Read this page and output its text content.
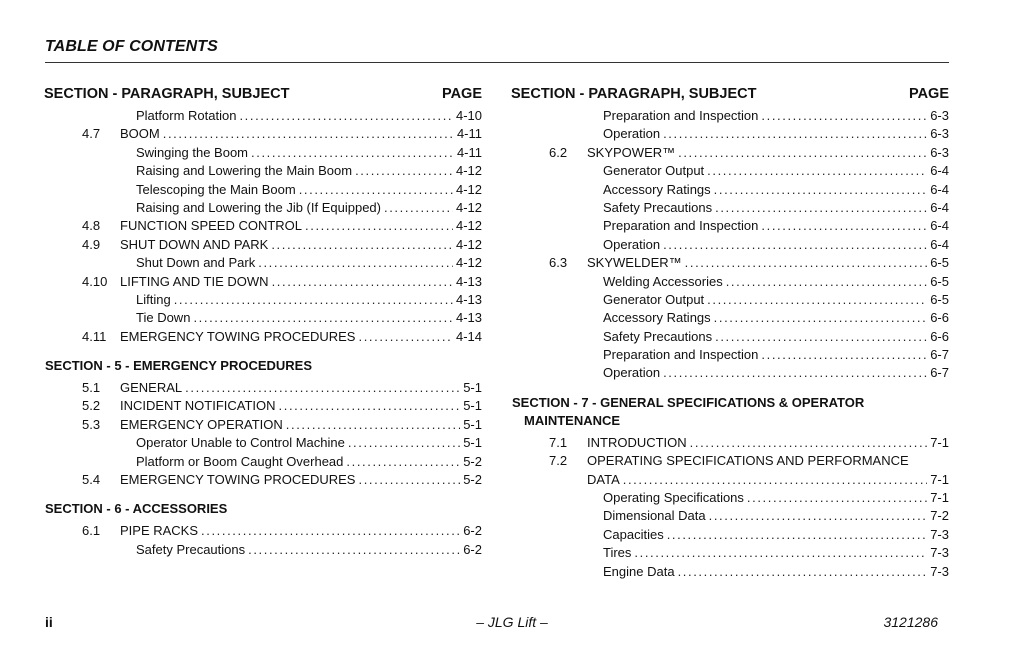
TABLE OF CONTENTS
SECTION - PARAGRAPH, SUBJECT	PAGE
Platform Rotation .....	4-10
4.7	BOOM .....	4-11
Swinging the Boom .....	4-11
Raising and Lowering the Main Boom .....	4-12
Telescoping the Main Boom .....	4-12
Raising and Lowering the Jib (If Equipped) .....	4-12
4.8	FUNCTION SPEED CONTROL .....	4-12
4.9	SHUT DOWN AND PARK .....	4-12
Shut Down and Park .....	4-12
4.10 LIFTING AND TIE DOWN .....	4-13
Lifting .....	4-13
Tie Down .....	4-13
4.11	EMERGENCY TOWING PROCEDURES .....	4-14
SECTION - 5 - EMERGENCY PROCEDURES
5.1	GENERAL .....	5-1
5.2	INCIDENT NOTIFICATION .....	5-1
5.3	EMERGENCY OPERATION .....	5-1
Operator Unable to Control Machine .....	5-1
Platform or Boom Caught Overhead .....	5-2
5.4	EMERGENCY TOWING PROCEDURES .....	5-2
SECTION - 6 - ACCESSORIES
6.1	PIPE RACKS .....	6-2
Safety Precautions .....	6-2
SECTION - PARAGRAPH, SUBJECT	PAGE
Preparation and Inspection .....	6-3
Operation .....	6-3
6.2	SKYPOWER™ .....	6-3
Generator Output .....	6-4
Accessory Ratings .....	6-4
Safety Precautions .....	6-4
Preparation and Inspection .....	6-4
Operation .....	6-4
6.3	SKYWELDER™ .....	6-5
Welding Accessories .....	6-5
Generator Output .....	6-5
Accessory Ratings .....	6-6
Safety Precautions .....	6-6
Preparation and Inspection .....	6-7
Operation .....	6-7
SECTION - 7 - GENERAL SPECIFICATIONS & OPERATOR
MAINTENANCE
7.1	INTRODUCTION .....	7-1
7.2	OPERATING SPECIFICATIONS AND PERFORMANCE
DATA .....	7-1
Operating Specifications .....	7-1
Dimensional Data .....	7-2
Capacities .....	7-3
Tires .....	7-3
Engine Data .....	7-3
ii	– JLG Lift –	3121286
